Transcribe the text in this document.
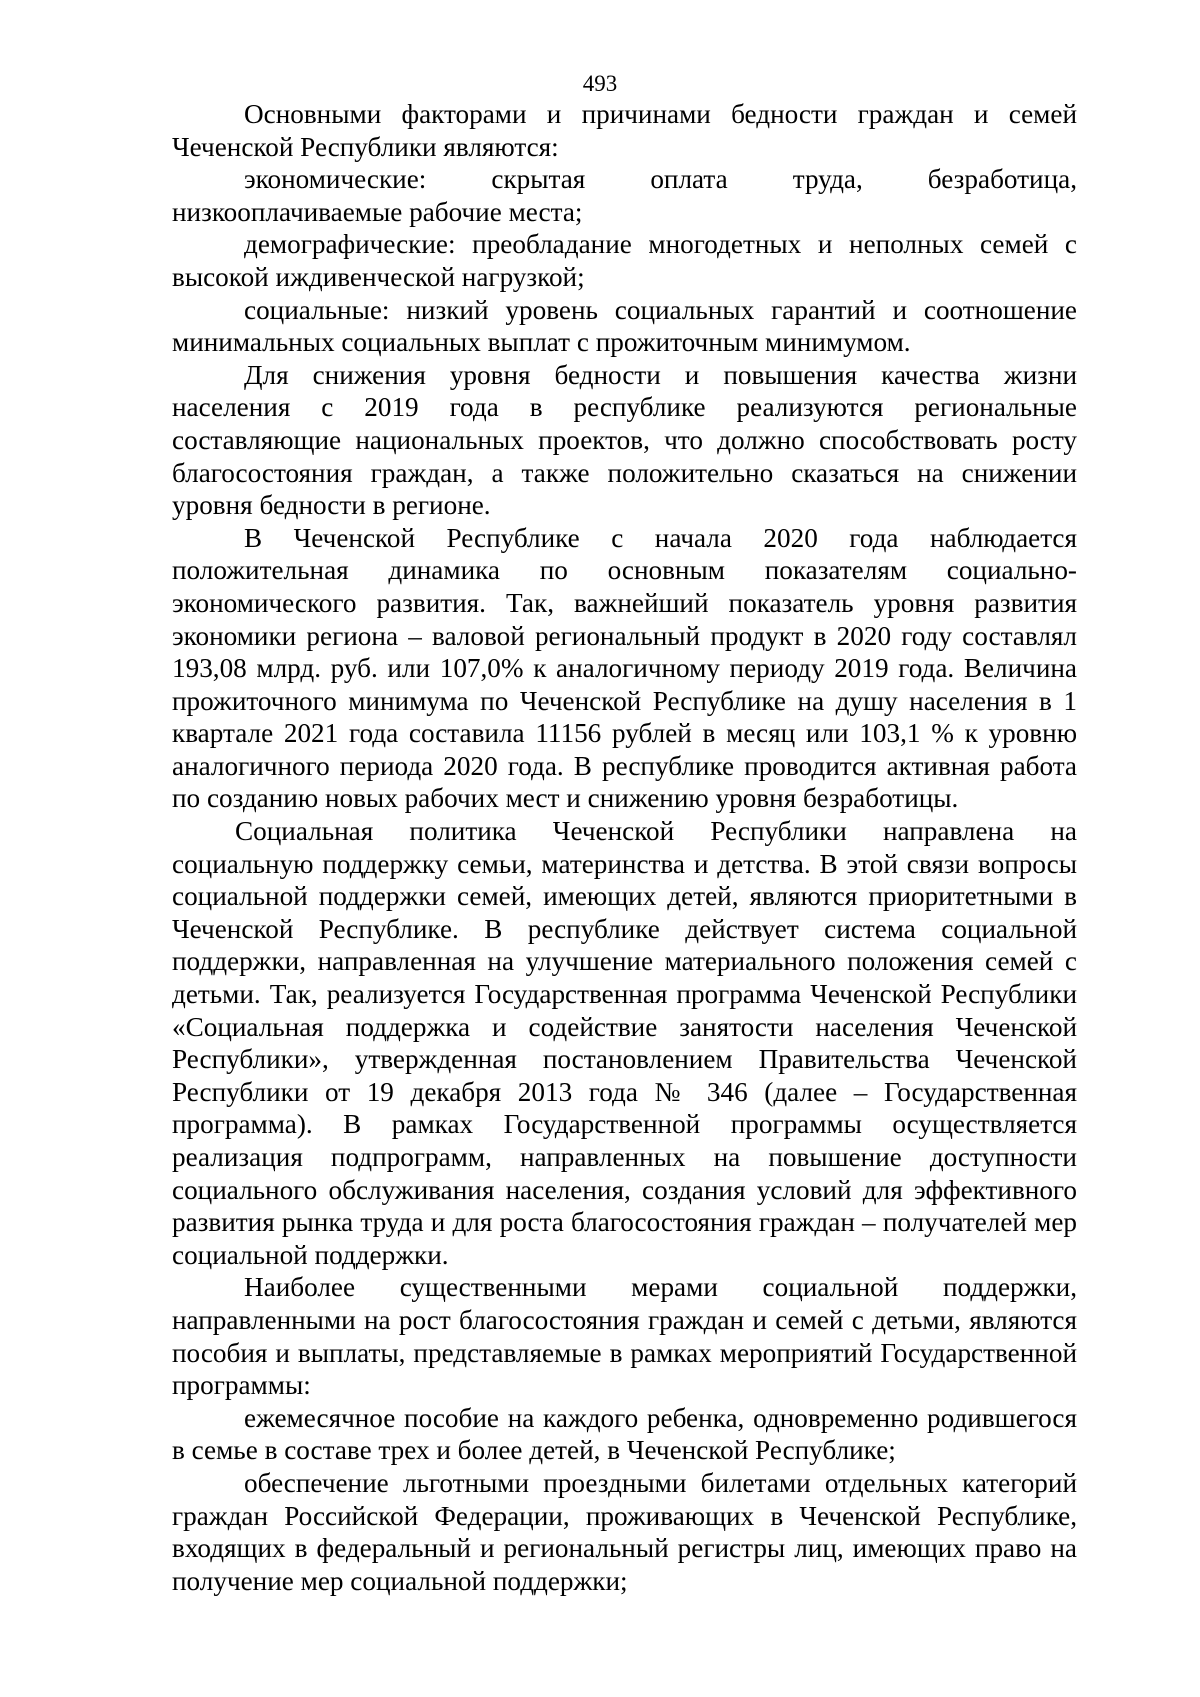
493

Основными факторами и причинами бедности граждан и семей Чеченской Республики являются:

экономические: скрытая оплата труда, безработица, низкооплачиваемые рабочие места;

демографические: преобладание многодетных и неполных семей с высокой иждивенческой нагрузкой;

социальные: низкий уровень социальных гарантий и соотношение минимальных социальных выплат с прожиточным минимумом.

Для снижения уровня бедности и повышения качества жизни населения с 2019 года в республике реализуются региональные составляющие национальных проектов, что должно способствовать росту благосостояния граждан, а также положительно сказаться на снижении уровня бедности в регионе.

В Чеченской Республике с начала 2020 года наблюдается положительная динамика по основным показателям социально-экономического развития. Так, важнейший показатель уровня развития экономики региона – валовой региональный продукт в 2020 году составлял 193,08 млрд. руб. или 107,0% к аналогичному периоду 2019 года. Величина прожиточного минимума по Чеченской Республике на душу населения в 1 квартале 2021 года составила 11156 рублей в месяц или 103,1 % к уровню аналогичного периода 2020 года. В республике проводится активная работа по созданию новых рабочих мест и снижению уровня безработицы.

Социальная политика Чеченской Республики направлена на социальную поддержку семьи, материнства и детства. В этой связи вопросы социальной поддержки семей, имеющих детей, являются приоритетными в Чеченской Республике. В республике действует система социальной поддержки, направленная на улучшение материального положения семей с детьми. Так, реализуется Государственная программа Чеченской Республики «Социальная поддержка и содействие занятости населения Чеченской Республики», утвержденная постановлением Правительства Чеченской Республики от 19 декабря 2013 года № 346 (далее – Государственная программа). В рамках Государственной программы осуществляется реализация подпрограмм, направленных на повышение доступности социального обслуживания населения, создания условий для эффективного развития рынка труда и для роста благосостояния граждан – получателей мер социальной поддержки.

Наиболее существенными мерами социальной поддержки, направленными на рост благосостояния граждан и семей с детьми, являются пособия и выплаты, представляемые в рамках мероприятий Государственной программы:

ежемесячное пособие на каждого ребенка, одновременно родившегося в семье в составе трех и более детей, в Чеченской Республике;

обеспечение льготными проездными билетами отдельных категорий граждан Российской Федерации, проживающих в Чеченской Республике, входящих в федеральный и региональный регистры лиц, имеющих право на получение мер социальной поддержки;
